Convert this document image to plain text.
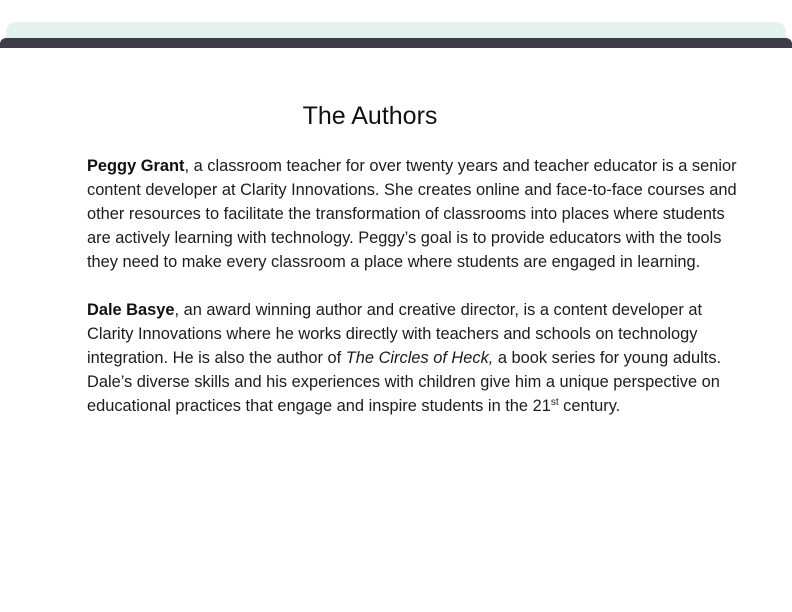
The Authors

Peggy Grant, a classroom teacher for over twenty years and teacher educator is a senior content developer at Clarity Innovations. She creates online and face-to-face courses and other resources to facilitate the transformation of classrooms into places where students are actively learning with technology. Peggy’s goal is to provide educators with the tools they need to make every classroom a place where students are engaged in learning.

Dale Basye, an award winning author and creative director, is a content developer at Clarity Innovations where he works directly with teachers and schools on technology integration. He is also the author of The Circles of Heck, a book series for young adults. Dale’s diverse skills and his experiences with children give him a unique perspective on educational practices that engage and inspire students in the 21st century.
